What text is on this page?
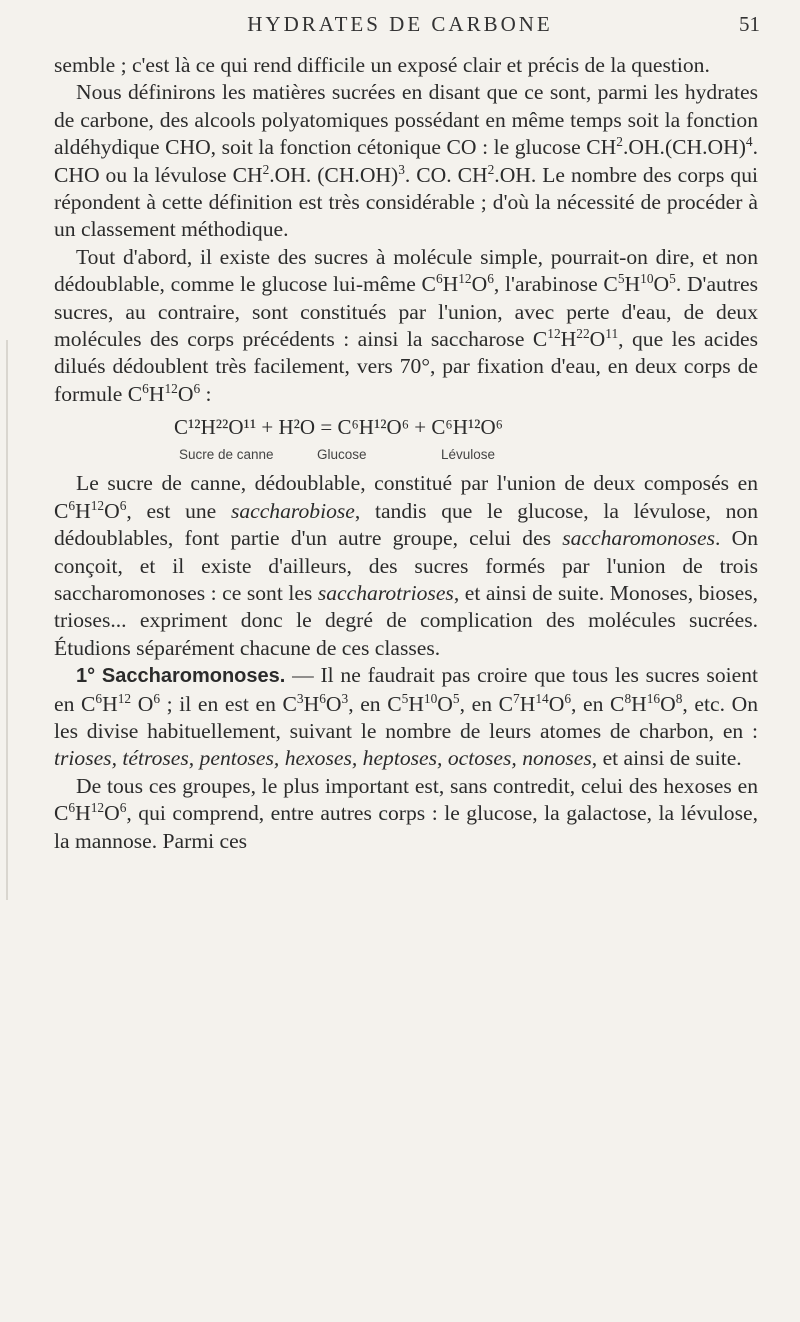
HYDRATES DE CARBONE	51

semble ; c'est là ce qui rend difficile un exposé clair et précis de la question.

Nous définirons les matières sucrées en disant que ce sont, parmi les hydrates de carbone, des alcools polyatomiques possédant en même temps soit la fonction aldéhydique CHO, soit la fonction cétonique CO : le glucose $CH^2.OH.(CH.OH)^4$. CHO ou la lévulose $CH^2.OH$. $(CH.OH)^3$. CO. $CH^2.OH$. Le nombre des corps qui répondent à cette définition est très considérable ; d'où la nécessité de procéder à un classement méthodique.

Tout d'abord, il existe des sucres à molécule simple, pourrait-on dire, et non dédoublable, comme le glucose lui-même $C^6H^{12}O^6$, l'arabinose $C^5H^{10}O^5$. D'autres sucres, au contraire, sont constitués par l'union, avec perte d'eau, de deux molécules des corps précédents : ainsi la saccharose $C^{12}H^{22}O^{11}$, que les acides dilués dédoublent très facilement, vers 70°, par fixation d'eau, en deux corps de formule $C^6H^{12}O^6$ :

C¹²H²²O¹¹ + H²O = C⁶H¹²O⁶ + C⁶H¹²O⁶
Sucre de canne	Glucose	Lévulose

Le sucre de canne, dédoublable, constitué par l'union de deux composés en $C^6H^{12}O^6$, est une saccharobiose, tandis que le glucose, la lévulose, non dédoublables, font partie d'un autre groupe, celui des saccharomonoses. On conçoit, et il existe d'ailleurs, des sucres formés par l'union de trois saccharomonoses : ce sont les saccharotrioses, et ainsi de suite. Monoses, bioses, trioses... expriment donc le degré de complication des molécules sucrées. Étudions séparément chacune de ces classes.

1° Saccharomonoses. — Il ne faudrait pas croire que tous les sucres soient en $C^6H^{12}$ $O^6$ ; il en est en $C^3H^6O^3$, en $C^5H^{10}O^5$, en $C^7H^{14}O^6$, en $C^8H^{16}O^8$, etc. On les divise habituellement, suivant le nombre de leurs atomes de charbon, en : trioses, tétroses, pentoses, hexoses, heptoses, octoses, nonoses, et ainsi de suite.

De tous ces groupes, le plus important est, sans contredit, celui des hexoses en $C^6H^{12}O^6$, qui comprend, entre autres corps : le glucose, la galactose, la lévulose, la mannose. Parmi ces
